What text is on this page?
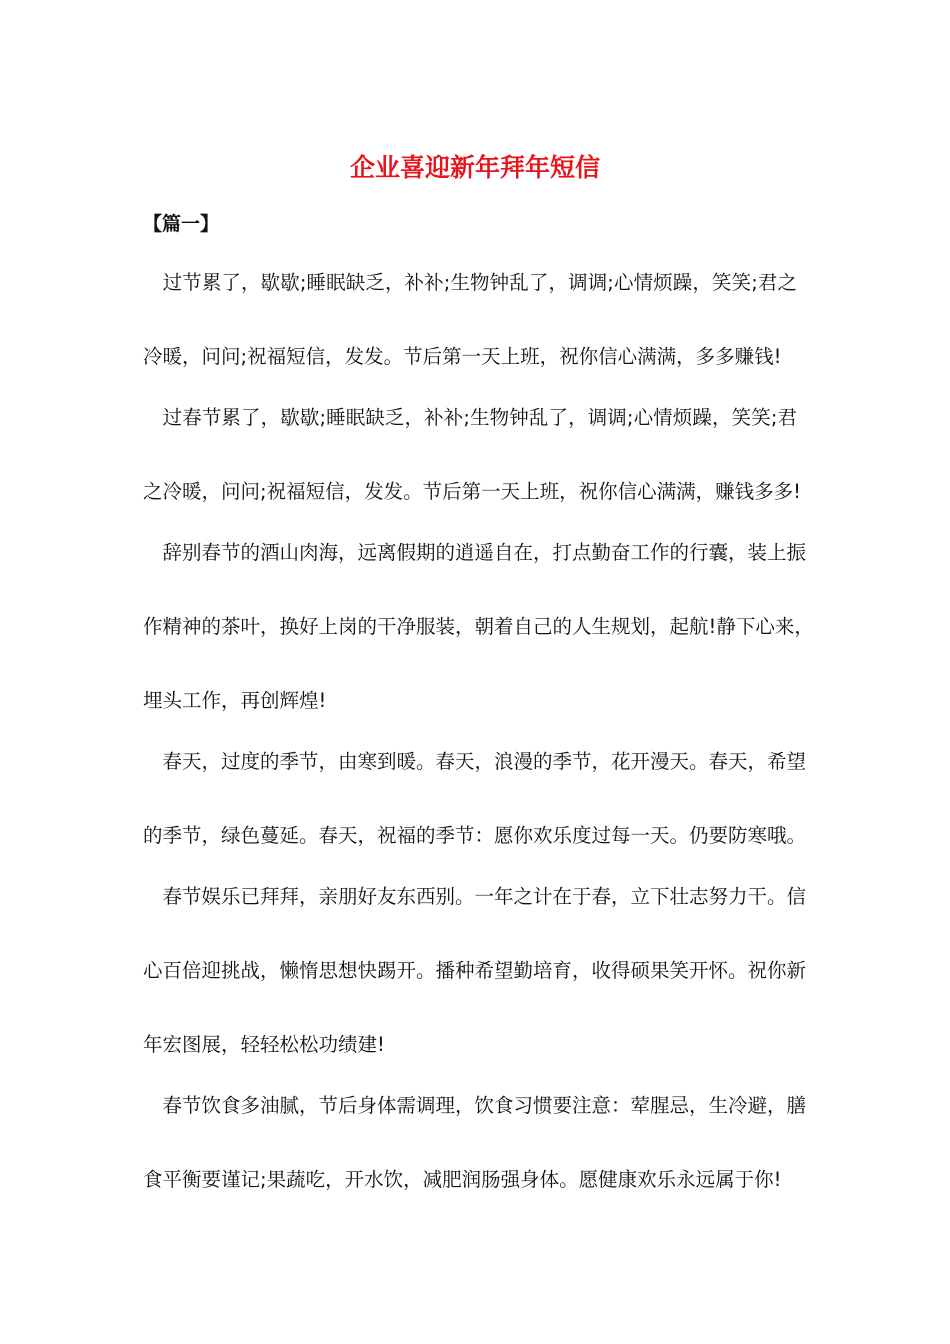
企业喜迎新年拜年短信
【篇一】

　过节累了，歇歇;睡眠缺乏，补补;生物钟乱了，调调;心情烦躁，笑笑;君之
冷暖，问问;祝福短信，发发。节后第一天上班，祝你信心满满，多多赚钱!

　过春节累了，歇歇;睡眠缺乏，补补;生物钟乱了，调调;心情烦躁，笑笑;君
之冷暖，问问;祝福短信，发发。节后第一天上班，祝你信心满满，赚钱多多!

　辞别春节的酒山肉海，远离假期的逍遥自在，打点勤奋工作的行囊，装上振
作精神的茶叶，换好上岗的干净服装，朝着自己的人生规划，起航!静下心来，
埋头工作，再创辉煌!

　春天，过度的季节，由寒到暖。春天，浪漫的季节，花开漫天。春天，希望
的季节，绿色蔓延。春天，祝福的季节：愿你欢乐度过每一天。仍要防寒哦。

　春节娱乐已拜拜，亲朋好友东西别。一年之计在于春，立下壮志努力干。信
心百倍迎挑战，懒惰思想快踢开。播种希望勤培育，收得硕果笑开怀。祝你新
年宏图展，轻轻松松功绩建!

　春节饮食多油腻，节后身体需调理，饮食习惯要注意：荤腥忌，生冷避，膳
食平衡要谨记;果蔬吃，开水饮，减肥润肠强身体。愿健康欢乐永远属于你!
